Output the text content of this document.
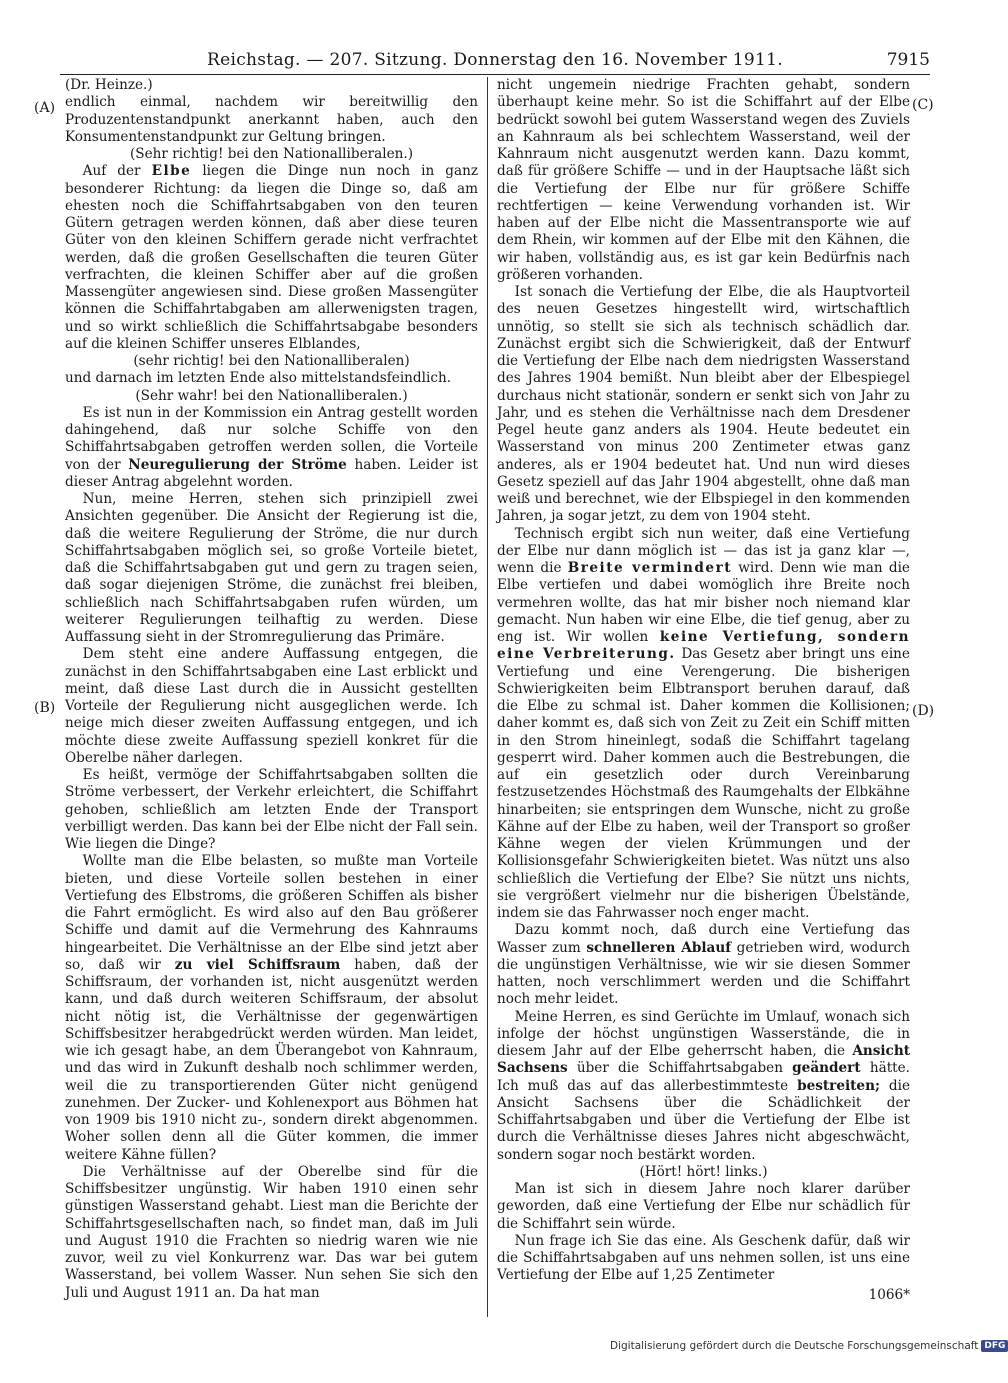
Reichstag. — 207. Sitzung. Donnerstag den 16. November 1911.	7915
(A)
(B)
(C)
(D)

(Dr. Heinze.)

endlich einmal, nachdem wir bereitwillig den Produzentenstandpunkt anerkannt haben, auch den Konsumentenstandpunkt zur Geltung bringen.

(Sehr richtig! bei den Nationalliberalen.)

Auf der Elbe liegen die Dinge nun noch in ganz besonderer Richtung: da liegen die Dinge so, daß am ehesten noch die Schiffahrtsabgaben von den teuren Gütern getragen werden können, daß aber diese teuren Güter von den kleinen Schiffern gerade nicht verfrachtet werden, daß die großen Gesellschaften die teuren Güter verfrachten, die kleinen Schiffer aber auf die großen Massengüter angewiesen sind. Diese großen Massengüter können die Schiffahrtabgaben am allerwenigsten tragen, und so wirkt schließlich die Schiffahrtsabgabe besonders auf die kleinen Schiffer unseres Elblandes,

(sehr richtig! bei den Nationalliberalen)

und darnach im letzten Ende also mittelstandsfeindlich.

(Sehr wahr! bei den Nationalliberalen.)

Es ist nun in der Kommission ein Antrag gestellt worden dahingehend, daß nur solche Schiffe von den Schiffahrtsabgaben getroffen werden sollen, die Vorteile von der Neuregulierung der Ströme haben. Leider ist dieser Antrag abgelehnt worden.

Nun, meine Herren, stehen sich prinzipiell zwei Ansichten gegenüber. Die Ansicht der Regierung ist die, daß die weitere Regulierung der Ströme, die nur durch Schiffahrtsabgaben möglich sei, so große Vorteile bietet, daß die Schiffahrtsabgaben gut und gern zu tragen seien, daß sogar diejenigen Ströme, die zunächst frei bleiben, schließlich nach Schiffahrtsabgaben rufen würden, um weiterer Regulierungen teilhaftig zu werden. Diese Auffassung sieht in der Stromregulierung das Primäre.

Dem steht eine andere Auffassung entgegen, die zunächst in den Schiffahrtsabgaben eine Last erblickt und meint, daß diese Last durch die in Aussicht gestellten Vorteile der Regulierung nicht ausgeglichen werde. Ich neige mich dieser zweiten Auffassung entgegen, und ich möchte diese zweite Auffassung speziell konkret für die Oberelbe näher darlegen.

Es heißt, vermöge der Schiffahrtsabgaben sollten die Ströme verbessert, der Verkehr erleichtert, die Schiffahrt gehoben, schließlich am letzten Ende der Transport verbilligt werden. Das kann bei der Elbe nicht der Fall sein. Wie liegen die Dinge?

Wollte man die Elbe belasten, so mußte man Vorteile bieten, und diese Vorteile sollen bestehen in einer Vertiefung des Elbstroms, die größeren Schiffen als bisher die Fahrt ermöglicht. Es wird also auf den Bau größerer Schiffe und damit auf die Vermehrung des Kahnraums hingearbeitet. Die Verhältnisse an der Elbe sind jetzt aber so, daß wir zu viel Schiffsraum haben, daß der Schiffsraum, der vorhanden ist, nicht ausgenützt werden kann, und daß durch weiteren Schiffsraum, der absolut nicht nötig ist, die Verhältnisse der gegenwärtigen Schiffsbesitzer herabgedrückt werden würden. Man leidet, wie ich gesagt habe, an dem Überangebot von Kahnraum, und das wird in Zukunft deshalb noch schlimmer werden, weil die zu transportierenden Güter nicht genügend zunehmen. Der Zucker- und Kohlenexport aus Böhmen hat von 1909 bis 1910 nicht zu-, sondern direkt abgenommen. Woher sollen denn all die Güter kommen, die immer weitere Kähne füllen?

Die Verhältnisse auf der Oberelbe sind für die Schiffsbesitzer ungünstig. Wir haben 1910 einen sehr günstigen Wasserstand gehabt. Liest man die Berichte der Schiffahrtsgesellschaften nach, so findet man, daß im Juli und August 1910 die Frachten so niedrig waren wie nie zuvor, weil zu viel Konkurrenz war. Das war bei gutem Wasserstand, bei vollem Wasser. Nun sehen Sie sich den Juli und August 1911 an. Da hat man

nicht ungemein niedrige Frachten gehabt, sondern überhaupt keine mehr. So ist die Schiffahrt auf der Elbe bedrückt sowohl bei gutem Wasserstand wegen des Zuviels an Kahnraum als bei schlechtem Wasserstand, weil der Kahnraum nicht ausgenutzt werden kann. Dazu kommt, daß für größere Schiffe — und in der Hauptsache läßt sich die Vertiefung der Elbe nur für größere Schiffe rechtfertigen — keine Verwendung vorhanden ist. Wir haben auf der Elbe nicht die Massentransporte wie auf dem Rhein, wir kommen auf der Elbe mit den Kähnen, die wir haben, vollständig aus, es ist gar kein Bedürfnis nach größeren vorhanden.

Ist sonach die Vertiefung der Elbe, die als Hauptvorteil des neuen Gesetzes hingestellt wird, wirtschaftlich unnötig, so stellt sie sich als technisch schädlich dar. Zunächst ergibt sich die Schwierigkeit, daß der Entwurf die Vertiefung der Elbe nach dem niedrigsten Wasserstand des Jahres 1904 bemißt. Nun bleibt aber der Elbespiegel durchaus nicht stationär, sondern er senkt sich von Jahr zu Jahr, und es stehen die Verhältnisse nach dem Dresdener Pegel heute ganz anders als 1904. Heute bedeutet ein Wasserstand von minus 200 Zentimeter etwas ganz anderes, als er 1904 bedeutet hat. Und nun wird dieses Gesetz speziell auf das Jahr 1904 abgestellt, ohne daß man weiß und berechnet, wie der Elbspiegel in den kommenden Jahren, ja sogar jetzt, zu dem von 1904 steht.

Technisch ergibt sich nun weiter, daß eine Vertiefung der Elbe nur dann möglich ist — das ist ja ganz klar —, wenn die Breite vermindert wird. Denn wie man die Elbe vertiefen und dabei womöglich ihre Breite noch vermehren wollte, das hat mir bisher noch niemand klar gemacht. Nun haben wir eine Elbe, die tief genug, aber zu eng ist. Wir wollen keine Vertiefung, sondern eine Verbreiterung. Das Gesetz aber bringt uns eine Vertiefung und eine Verengerung. Die bisherigen Schwierigkeiten beim Elbtransport beruhen darauf, daß die Elbe zu schmal ist. Daher kommen die Kollisionen; daher kommt es, daß sich von Zeit zu Zeit ein Schiff mitten in den Strom hineinlegt, sodaß die Schiffahrt tagelang gesperrt wird. Daher kommen auch die Bestrebungen, die auf ein gesetzlich oder durch Vereinbarung festzusetzendes Höchstmaß des Raumgehalts der Elbkähne hinarbeiten; sie entspringen dem Wunsche, nicht zu große Kähne auf der Elbe zu haben, weil der Transport so großer Kähne wegen der vielen Krümmungen und der Kollisionsgefahr Schwierigkeiten bietet. Was nützt uns also schließlich die Vertiefung der Elbe? Sie nützt uns nichts, sie vergrößert vielmehr nur die bisherigen Übelstände, indem sie das Fahrwasser noch enger macht.

Dazu kommt noch, daß durch eine Vertiefung das Wasser zum schnelleren Ablauf getrieben wird, wodurch die ungünstigen Verhältnisse, wie wir sie diesen Sommer hatten, noch verschlimmert werden und die Schiffahrt noch mehr leidet.

Meine Herren, es sind Gerüchte im Umlauf, wonach sich infolge der höchst ungünstigen Wasserstände, die in diesem Jahr auf der Elbe geherrscht haben, die Ansicht Sachsens über die Schiffahrtsabgaben geändert hätte. Ich muß das auf das allerbestimmteste bestreiten; die Ansicht Sachsens über die Schädlichkeit der Schiffahrtsabgaben und über die Vertiefung der Elbe ist durch die Verhältnisse dieses Jahres nicht abgeschwächt, sondern sogar noch bestärkt worden.

(Hört! hört! links.)

Man ist sich in diesem Jahre noch klarer darüber geworden, daß eine Vertiefung der Elbe nur schädlich für die Schiffahrt sein würde.

Nun frage ich Sie das eine. Als Geschenk dafür, daß wir die Schiffahrtsabgaben auf uns nehmen sollen, ist uns eine Vertiefung der Elbe auf 1,25 Zentimeter

1066*

Digitalisierung gefördert durch die Deutsche Forschungsgemeinschaft DFG
